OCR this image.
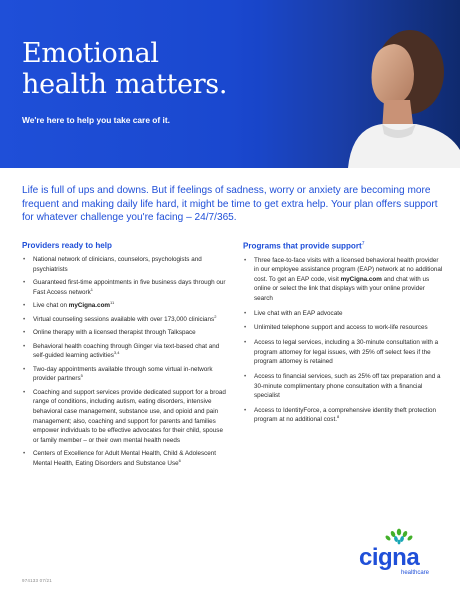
Emotional
health matters.
We're here to help you take care of it.
Life is full of ups and downs. But if feelings of sadness, worry or anxiety are becoming more frequent and making daily life hard, it might be time to get extra help. Your plan offers support for whatever challenge you're facing – 24/7/365.
Providers ready to help
• National network of clinicians, counselors, psychologists and psychiatrists
• Guaranteed first-time appointments in five business days through our Fast Access network$^1$
• Live chat on myCigna.com$^{11}$
• Virtual counseling sessions available with over 173,000 clinicians$^2$
• Online therapy with a licensed therapist through Talkspace
• Behavioral health coaching through Ginger via text-based chat and self-guided learning activities$^{3,4}$
• Two-day appointments available through some virtual in-network provider partners$^5$
• Coaching and support services provide dedicated support for a broad range of conditions, including autism, eating disorders, intensive behavioral case management, substance use, and opioid and pain management; also, coaching and support for parents and families empower individuals to be effective advocates for their child, spouse or family member – or their own mental health needs
• Centers of Excellence for Adult Mental Health, Child & Adolescent Mental Health, Eating Disorders and Substance Use$^6$
Programs that provide support$^7$
• Three face-to-face visits with a licensed behavioral health provider in our employee assistance program (EAP) network at no additional cost. To get an EAP code, visit myCigna.com and chat with us online or select the link that displays with your online provider search
• Live chat with an EAP advocate
• Unlimited telephone support and access to work-life resources
• Access to legal services, including a 30-minute consultation with a program attorney for legal issues, with 25% off select fees if the program attorney is retained
• Access to financial services, such as 25% off tax preparation and a 30-minute complimentary phone consultation with a financial specialist
• Access to IdentityForce, a comprehensive identity theft protection program at no additional cost.$^8$
974133 07/21
cigna
healthcare
